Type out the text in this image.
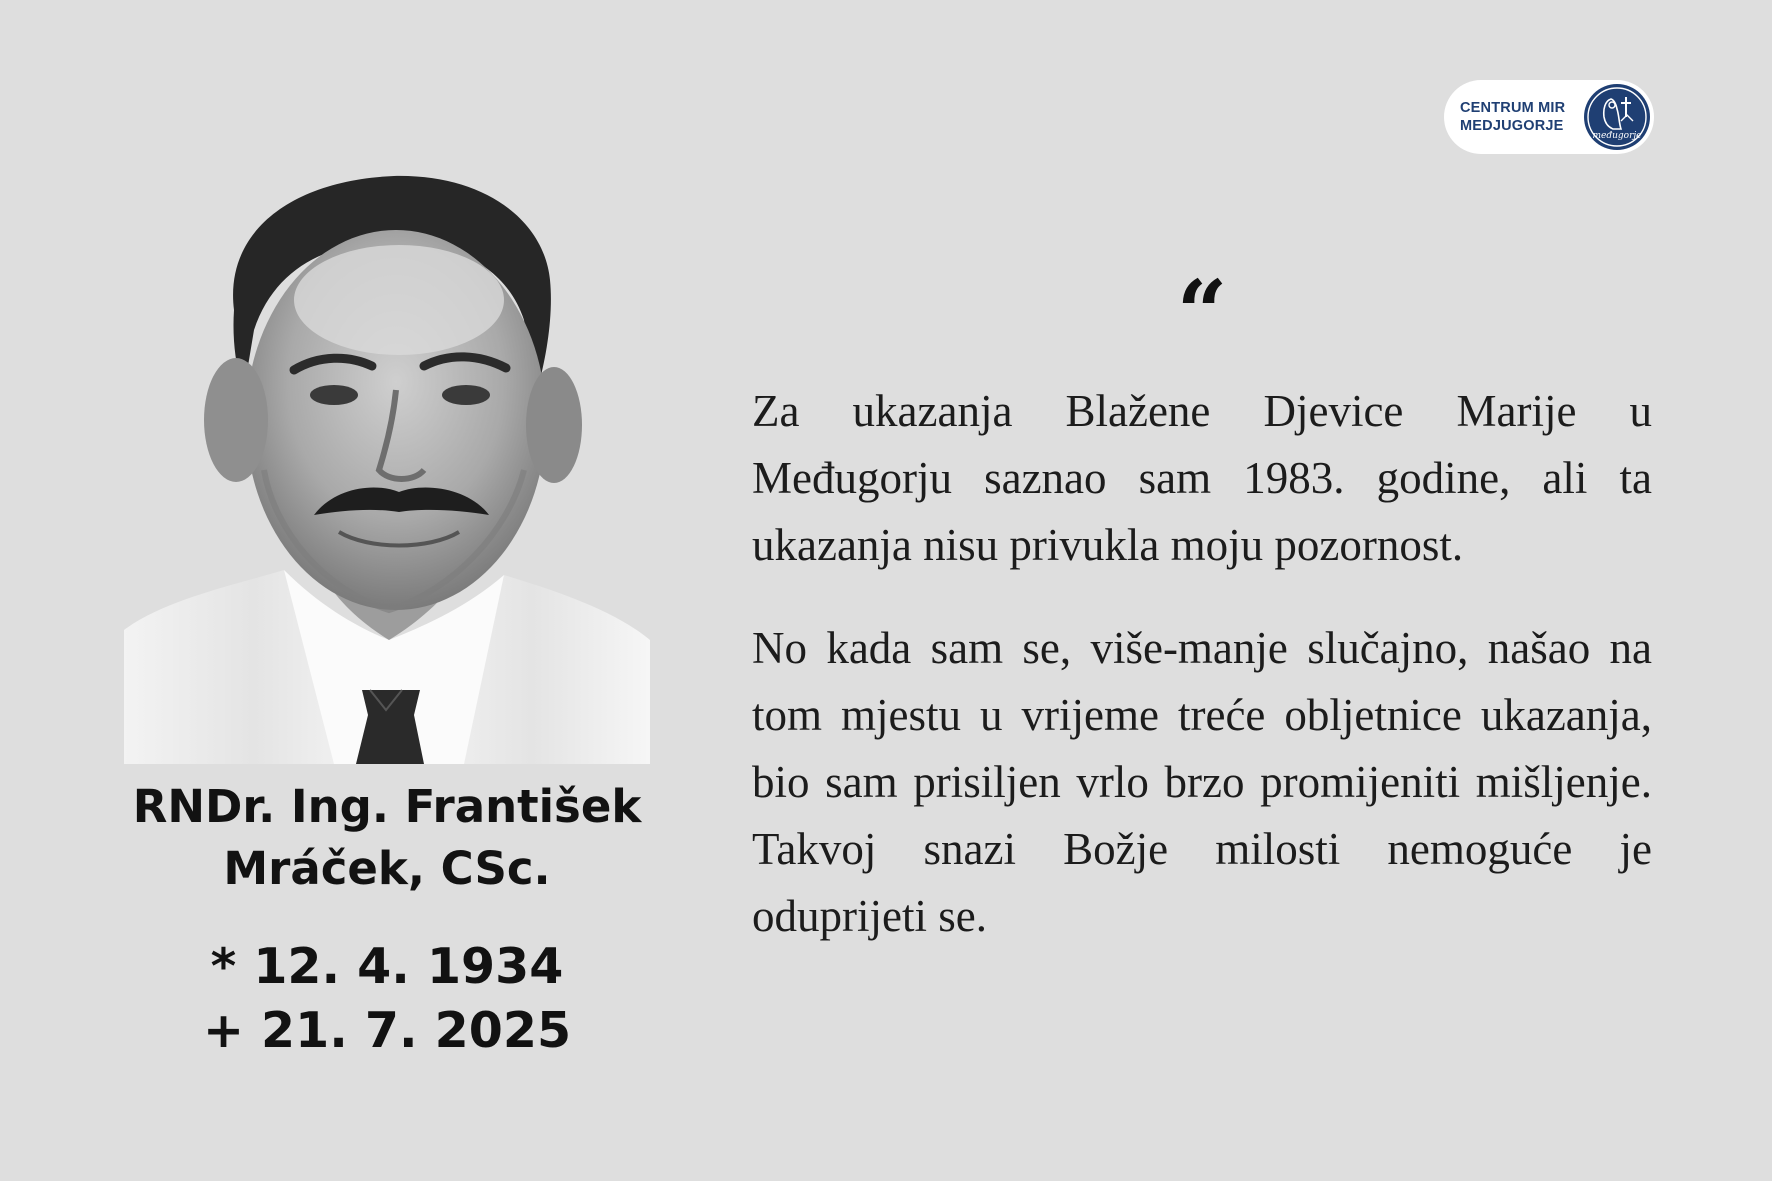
CENTRUM MIR
MEDJUGORJE
međugorje
RNDr. Ing. František
Mráček, CSc.
* 12. 4. 1934
+ 21. 7. 2025
“

Za ukazanja Blažene Djevice Marije u Međugorju saznao sam 1983. godine, ali ta ukazanja nisu privukla moju pozornost.

No kada sam se, više-manje slučajno, našao na tom mjestu u vrijeme treće obljetnice ukazanja, bio sam prisiljen vrlo brzo promijeniti mišljenje. Takvoj snazi Božje milosti nemoguće je oduprijeti se.
